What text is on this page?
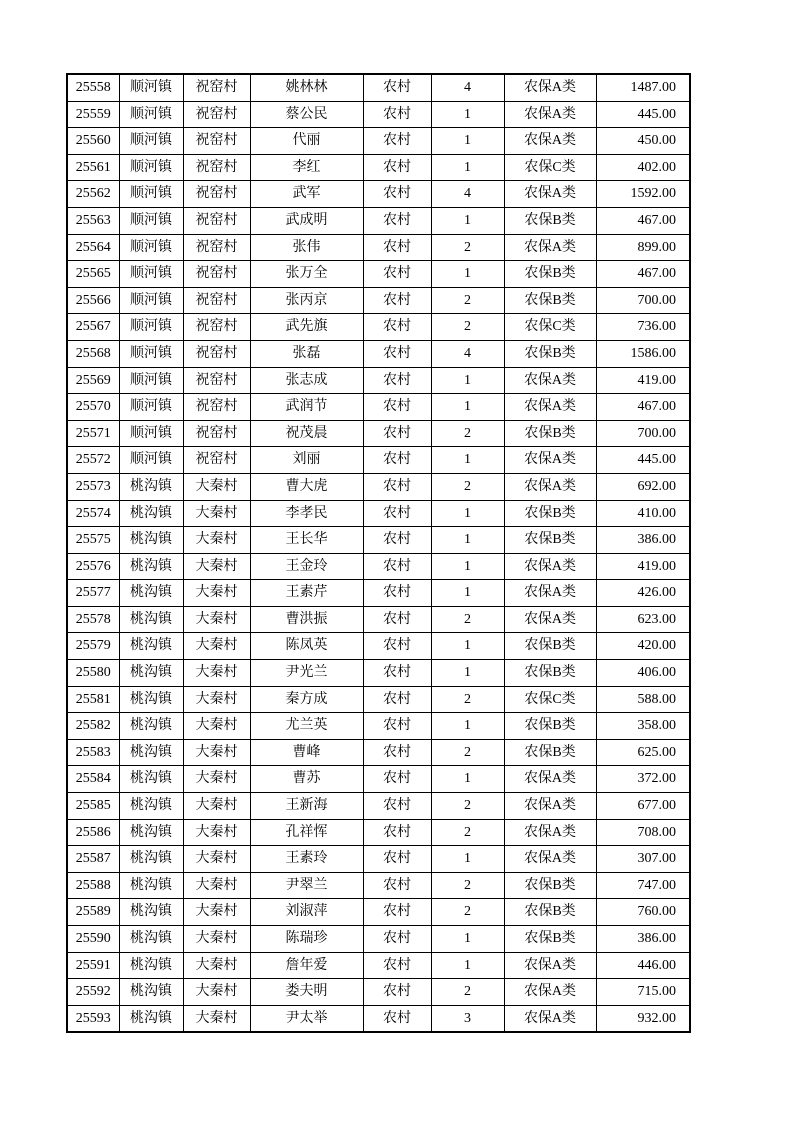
25558	顺河镇	祝窑村	姚林林	农村	4	农保A类	1487.00
25559	顺河镇	祝窑村	蔡公民	农村	1	农保A类	445.00
25560	顺河镇	祝窑村	代丽	农村	1	农保A类	450.00
25561	顺河镇	祝窑村	李红	农村	1	农保C类	402.00
25562	顺河镇	祝窑村	武军	农村	4	农保A类	1592.00
25563	顺河镇	祝窑村	武成明	农村	1	农保B类	467.00
25564	顺河镇	祝窑村	张伟	农村	2	农保A类	899.00
25565	顺河镇	祝窑村	张万全	农村	1	农保B类	467.00
25566	顺河镇	祝窑村	张丙京	农村	2	农保B类	700.00
25567	顺河镇	祝窑村	武先旗	农村	2	农保C类	736.00
25568	顺河镇	祝窑村	张磊	农村	4	农保B类	1586.00
25569	顺河镇	祝窑村	张志成	农村	1	农保A类	419.00
25570	顺河镇	祝窑村	武润节	农村	1	农保A类	467.00
25571	顺河镇	祝窑村	祝茂晨	农村	2	农保B类	700.00
25572	顺河镇	祝窑村	刘丽	农村	1	农保A类	445.00
25573	桃沟镇	大秦村	曹大虎	农村	2	农保A类	692.00
25574	桃沟镇	大秦村	李孝民	农村	1	农保B类	410.00
25575	桃沟镇	大秦村	王长华	农村	1	农保B类	386.00
25576	桃沟镇	大秦村	王金玲	农村	1	农保A类	419.00
25577	桃沟镇	大秦村	王素芹	农村	1	农保A类	426.00
25578	桃沟镇	大秦村	曹洪振	农村	2	农保A类	623.00
25579	桃沟镇	大秦村	陈凤英	农村	1	农保B类	420.00
25580	桃沟镇	大秦村	尹光兰	农村	1	农保B类	406.00
25581	桃沟镇	大秦村	秦方成	农村	2	农保C类	588.00
25582	桃沟镇	大秦村	尤兰英	农村	1	农保B类	358.00
25583	桃沟镇	大秦村	曹峰	农村	2	农保B类	625.00
25584	桃沟镇	大秦村	曹苏	农村	1	农保A类	372.00
25585	桃沟镇	大秦村	王新海	农村	2	农保A类	677.00
25586	桃沟镇	大秦村	孔祥恽	农村	2	农保A类	708.00
25587	桃沟镇	大秦村	王素玲	农村	1	农保A类	307.00
25588	桃沟镇	大秦村	尹翠兰	农村	2	农保B类	747.00
25589	桃沟镇	大秦村	刘淑萍	农村	2	农保B类	760.00
25590	桃沟镇	大秦村	陈瑞珍	农村	1	农保B类	386.00
25591	桃沟镇	大秦村	詹年爱	农村	1	农保A类	446.00
25592	桃沟镇	大秦村	娄夫明	农村	2	农保A类	715.00
25593	桃沟镇	大秦村	尹太举	农村	3	农保A类	932.00
